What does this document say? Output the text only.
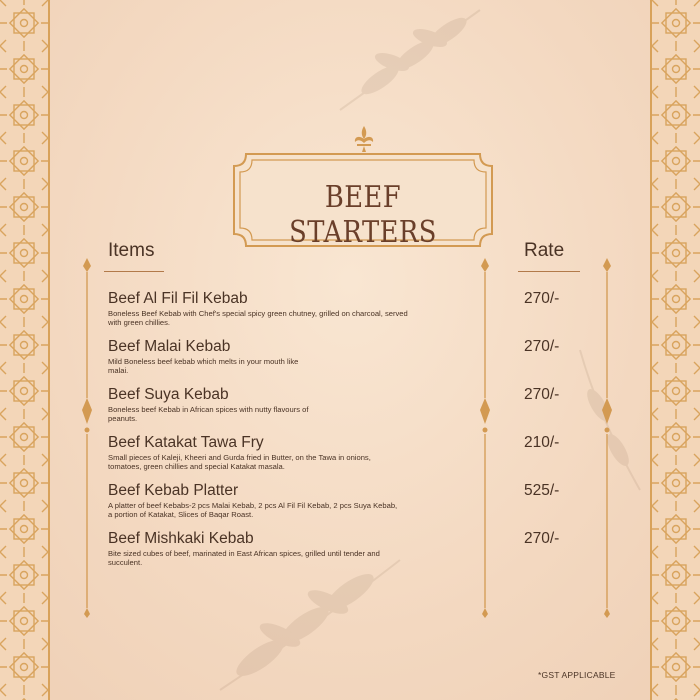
BEEF STARTERS
Items	Rate
Beef Al Fil Fil Kebab
Boneless Beef Kebab with Chef's special spicy green chutney, grilled on charcoal, served with green chillies.
Beef Malai Kebab
Mild Boneless beef kebab which melts in your mouth like malai.
Beef Suya Kebab
Boneless beef Kebab in African spices with nutty flavours of peanuts.
Beef Katakat Tawa Fry
Small pieces of Kaleji, Kheeri and Gurda fried in Butter, on the Tawa in onions, tomatoes, green chillies and special Katakat masala.
Beef Kebab Platter
A platter of beef Kebabs-2 pcs Malai Kebab, 2 pcs Al Fil Fil Kebab, 2 pcs Suya Kebab, a portion of Katakat, Slices of Baqar Roast.
Beef Mishkaki Kebab
Bite sized cubes of beef, marinated in East African spices, grilled until tender and succulent.
270/-
270/-
270/-
210/-
525/-
270/-
*GST APPLICABLE
